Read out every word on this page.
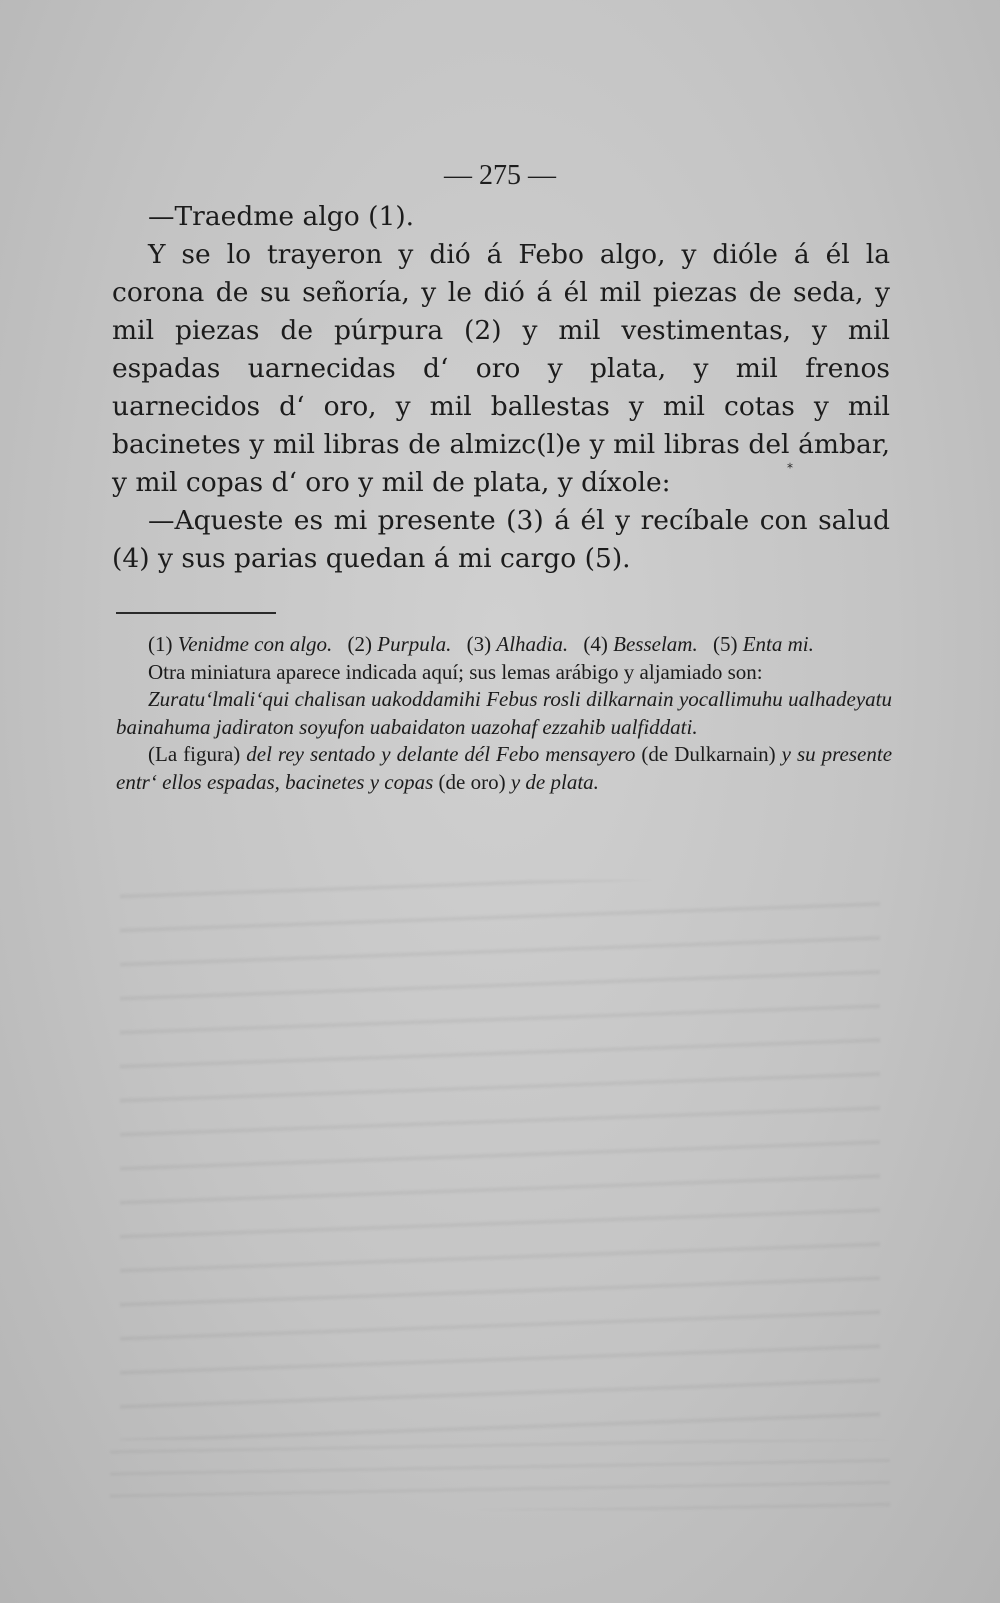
— 275 —

—Traedme algo (1).

Y se lo trayeron y dió á Febo algo, y dióle á él la corona de su señoría, y le dió á él mil piezas de seda, y mil piezas de púrpura (2) y mil vestimentas, y mil espadas uarnecidas dʻ oro y plata, y mil frenos uarnecidos dʻ oro, y mil ballestas y mil cotas y mil bacinetes y mil libras de almizc(l)e y mil libras del ámbar, y mil copas dʻ oro y mil de plata, y díxole:

—Aqueste es mi presente (3) á él y recíbale con salud (4) y sus parias quedan á mi cargo (5).

⁎

(1) Venidme con algo. (2) Purpula. (3) Alhadia. (4) Besselam. (5) Enta mi.

Otra miniatura aparece indicada aquí; sus lemas arábigo y aljamiado son:

Zuratuʻlmaliʻqui chalisan uakoddamihi Febus rosli dilkarnain yocallimuhu ualhadeyatu bainahuma jadiraton soyufon uabaidaton uazohaf ezzahib ualfiddati.

(La figura) del rey sentado y delante dél Febo mensayero (de Dulkarnain) y su presente entrʻ ellos espadas, bacinetes y copas (de oro) y de plata.
